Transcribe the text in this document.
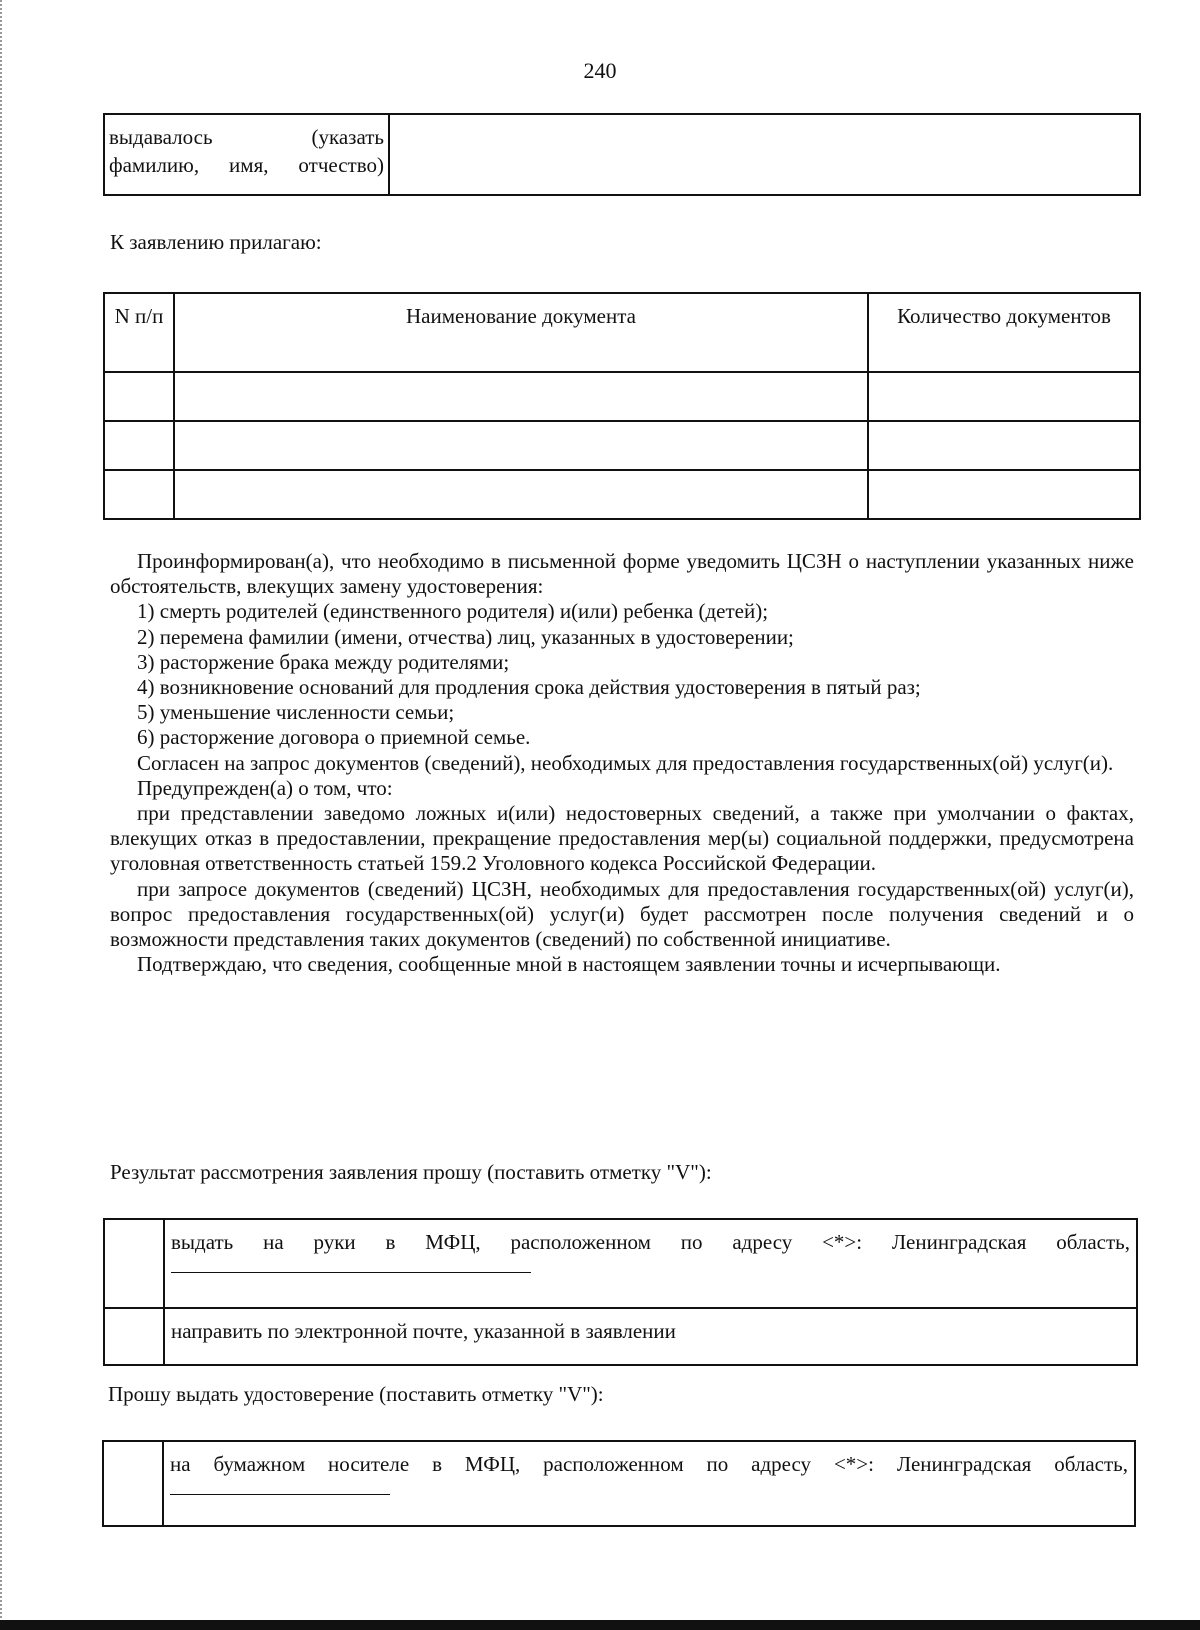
240
выдавалось (указать фамилию, имя, отчество)	
К заявлению прилагаю:
N п/п	Наименование документа	Количество документов

Проинформирован(а), что необходимо в письменной форме уведомить ЦСЗН о наступлении указанных ниже обстоятельств, влекущих замену удостоверения:

1) смерть родителей (единственного родителя) и(или) ребенка (детей);

2) перемена фамилии (имени, отчества) лиц, указанных в удостоверении;

3) расторжение брака между родителями;

4) возникновение оснований для продления срока действия удостоверения в пятый раз;

5) уменьшение численности семьи;

6) расторжение договора о приемной семье.

Согласен на запрос документов (сведений), необходимых для предоставления государственных(ой) услуг(и).

Предупрежден(а) о том, что:

при представлении заведомо ложных и(или) недостоверных сведений, а также при умолчании о фактах, влекущих отказ в предоставлении, прекращение предоставления мер(ы) социальной поддержки, предусмотрена уголовная ответственность статьей 159.2 Уголовного кодекса Российской Федерации.

при запросе документов (сведений) ЦСЗН, необходимых для предоставления государственных(ой) услуг(и), вопрос предоставления государственных(ой) услуг(и) будет рассмотрен после получения сведений и о возможности представления таких документов (сведений) по собственной инициативе.

Подтверждаю, что сведения, сообщенные мной в настоящем заявлении точны и исчерпывающи.

Результат рассмотрения заявления прошу (поставить отметку "V"):

	выдать на руки в МФЦ, расположенном по адресу <*>: Ленинградская область,

	направить по электронной почте, указанной в заявлении
Прошу выдать удостоверение (поставить отметку "V"):

на бумажном носителе в МФЦ, расположенном по адресу <*>: Ленинградская область,
